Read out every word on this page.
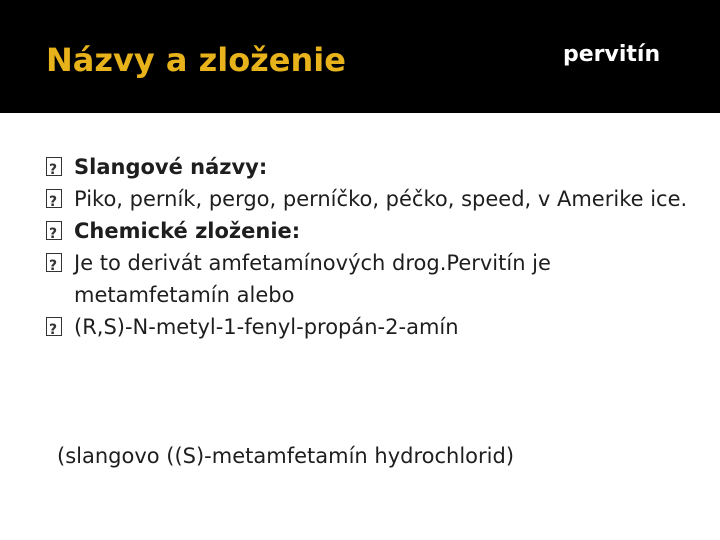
Názvy a zloženie	pervitín
?
Slangové názvy:
?
Piko, perník, pergo, perníčko, péčko, speed, v Amerike ice.
?
Chemické zloženie:
?
Je to derivát amfetamínových drog.Pervitín je metamfetamín alebo
?
(R,S)-N-metyl-1-fenyl-propán-2-amín
(slangovo ((S)-metamfetamín hydrochlorid)
